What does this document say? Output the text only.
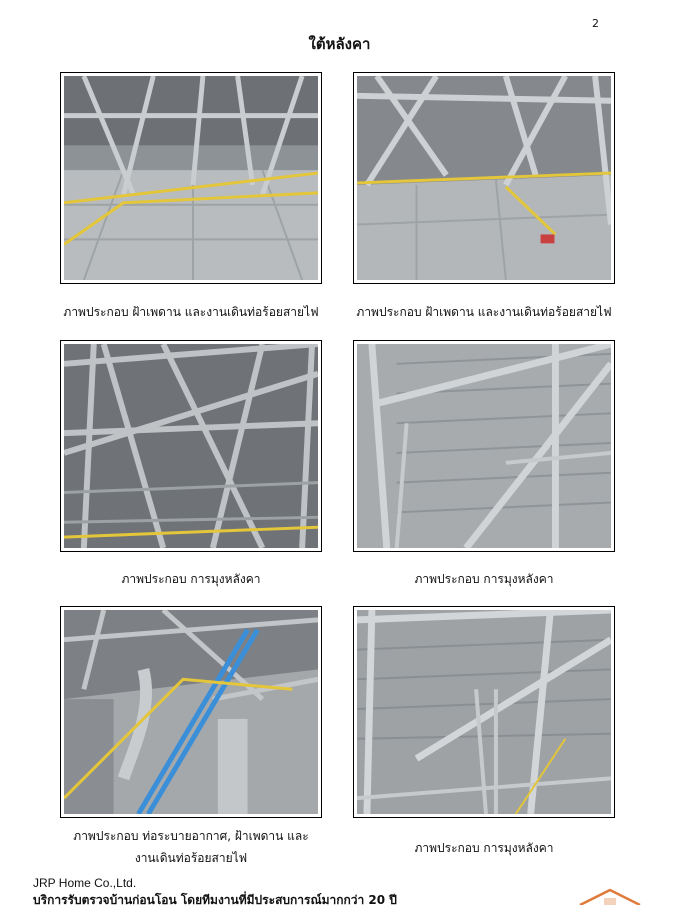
2
ใต้หลังคา
ภาพประกอบ ฝ้าเพดาน และงานเดินท่อร้อยสายไฟ	ภาพประกอบ ฝ้าเพดาน และงานเดินท่อร้อยสายไฟ
ภาพประกอบ การมุงหลังคา	ภาพประกอบ การมุงหลังคา
ภาพประกอบ ท่อระบายอากาศ, ฝ้าเพดาน และ
งานเดินท่อร้อยสายไฟ
ภาพประกอบ การมุงหลังคา
JRP Home Co.,Ltd.
บริการรับตรวจบ้านก่อนโอน โดยทีมงานที่มีประสบการณ์มากกว่า 20 ปี
